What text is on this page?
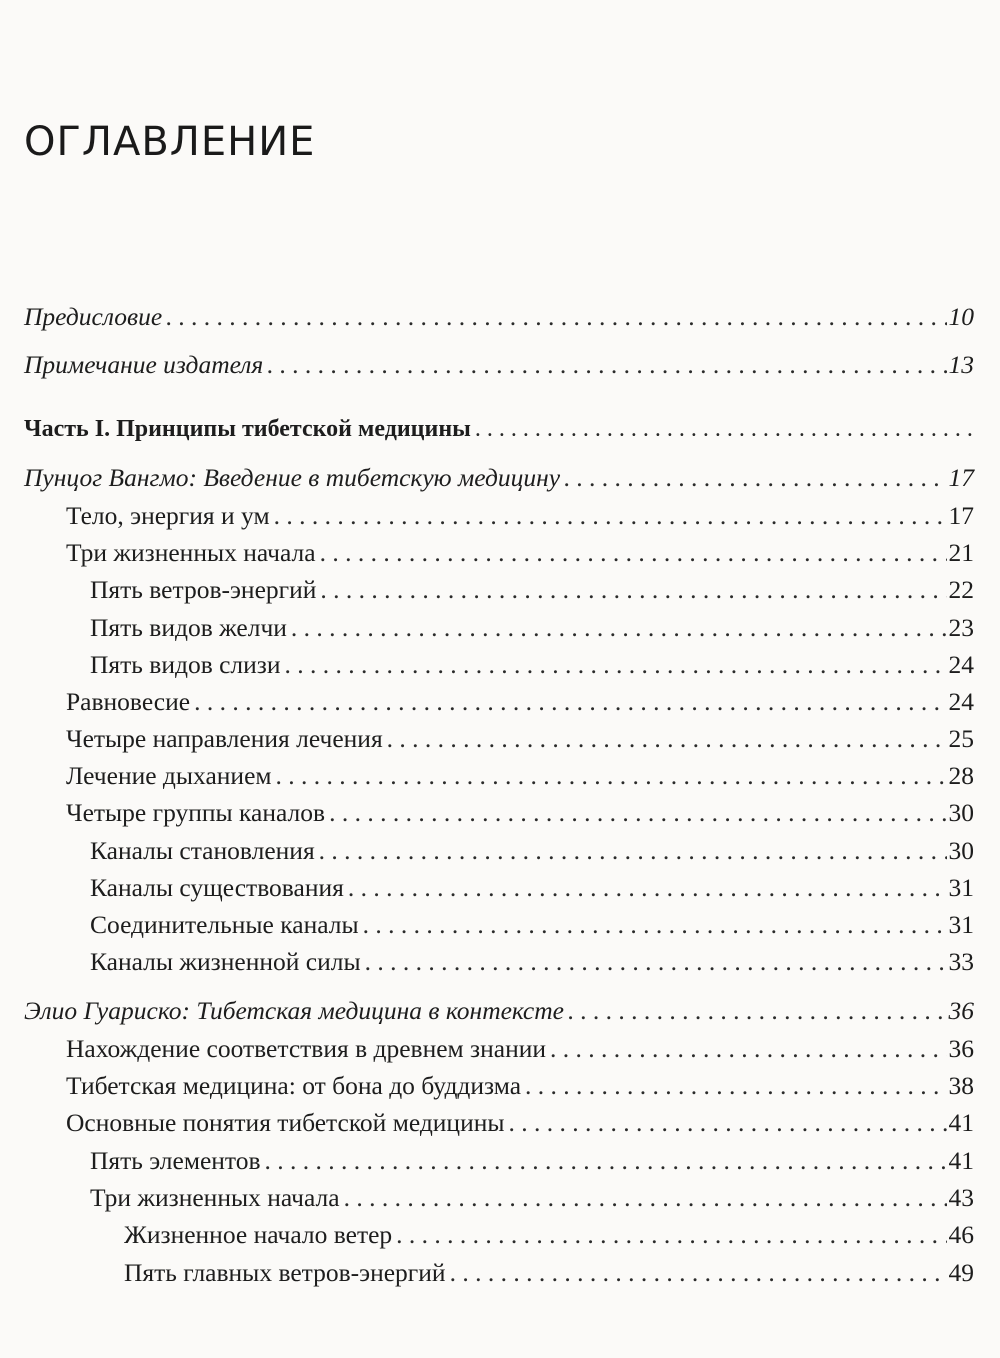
ОГЛАВЛЕНИЕ
Предисловие . . .	10
Примечание издателя . . .	13
Часть I. Принципы тибетской медицины
. . .
Пунцог Вангмо: Введение в тибетскую медицину . . .	17
Тело, энергия и ум . . .	17
Три жизненных начала . . .	21
Пять ветров-энергий . . .	22
Пять видов желчи . . .	23
Пять видов слизи . . .	24
Равновесие . . .	24
Четыре направления лечения . . .	25
Лечение дыханием . . .	28
Четыре группы каналов . . .	30
Каналы становления . . .	30
Каналы существования . . .	31
Соединительные каналы . . .	31
Каналы жизненной силы . . .	33
Элио Гуариско: Тибетская медицина в контексте . . .	36
Нахождение соответствия в древнем знании . . .	36
Тибетская медицина: от бона до буддизма . . .	38
Основные понятия тибетской медицины . . .	41
Пять элементов . . .	41
Три жизненных начала . . .	43
Жизненное начало ветер . . .	46
Пять главных ветров-энергий . . .	49
